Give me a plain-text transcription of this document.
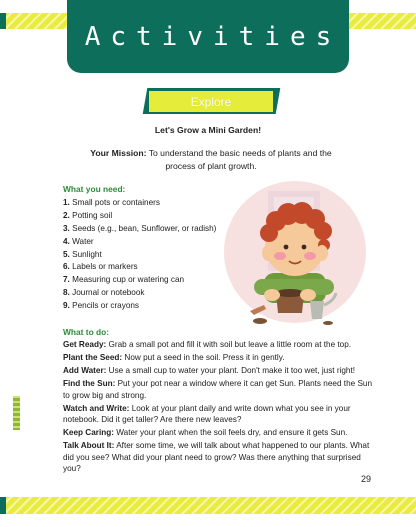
Activities
Explore
Let's Grow a Mini Garden!
Your Mission: To understand the basic needs of plants and the process of plant growth.
What you need:
1. Small pots or containers
2. Potting soil
3. Seeds (e.g., bean, Sunflower, or radish)
4. Water
5. Sunlight
6. Labels or markers
7. Measuring cup or watering can
8. Journal or notebook
9. Pencils or crayons
What to do:

Get Ready: Grab a small pot and fill it with soil but leave a little room at the top.

Plant the Seed: Now put a seed in the soil. Press it in gently.

Add Water: Use a small cup to water your plant. Don't make it too wet, just right!

Find the Sun: Put your pot near a window where it can get Sun. Plants need the Sun to grow big and strong.

Watch and Write: Look at your plant daily and write down what you see in your notebook. Did it get taller? Are there new leaves?

Keep Caring: Water your plant when the soil feels dry, and ensure it gets Sun.

Talk About It: After some time, we will talk about what happened to our plants. What did you see? What did your plant need to grow? Was there anything that surprised you?

29
